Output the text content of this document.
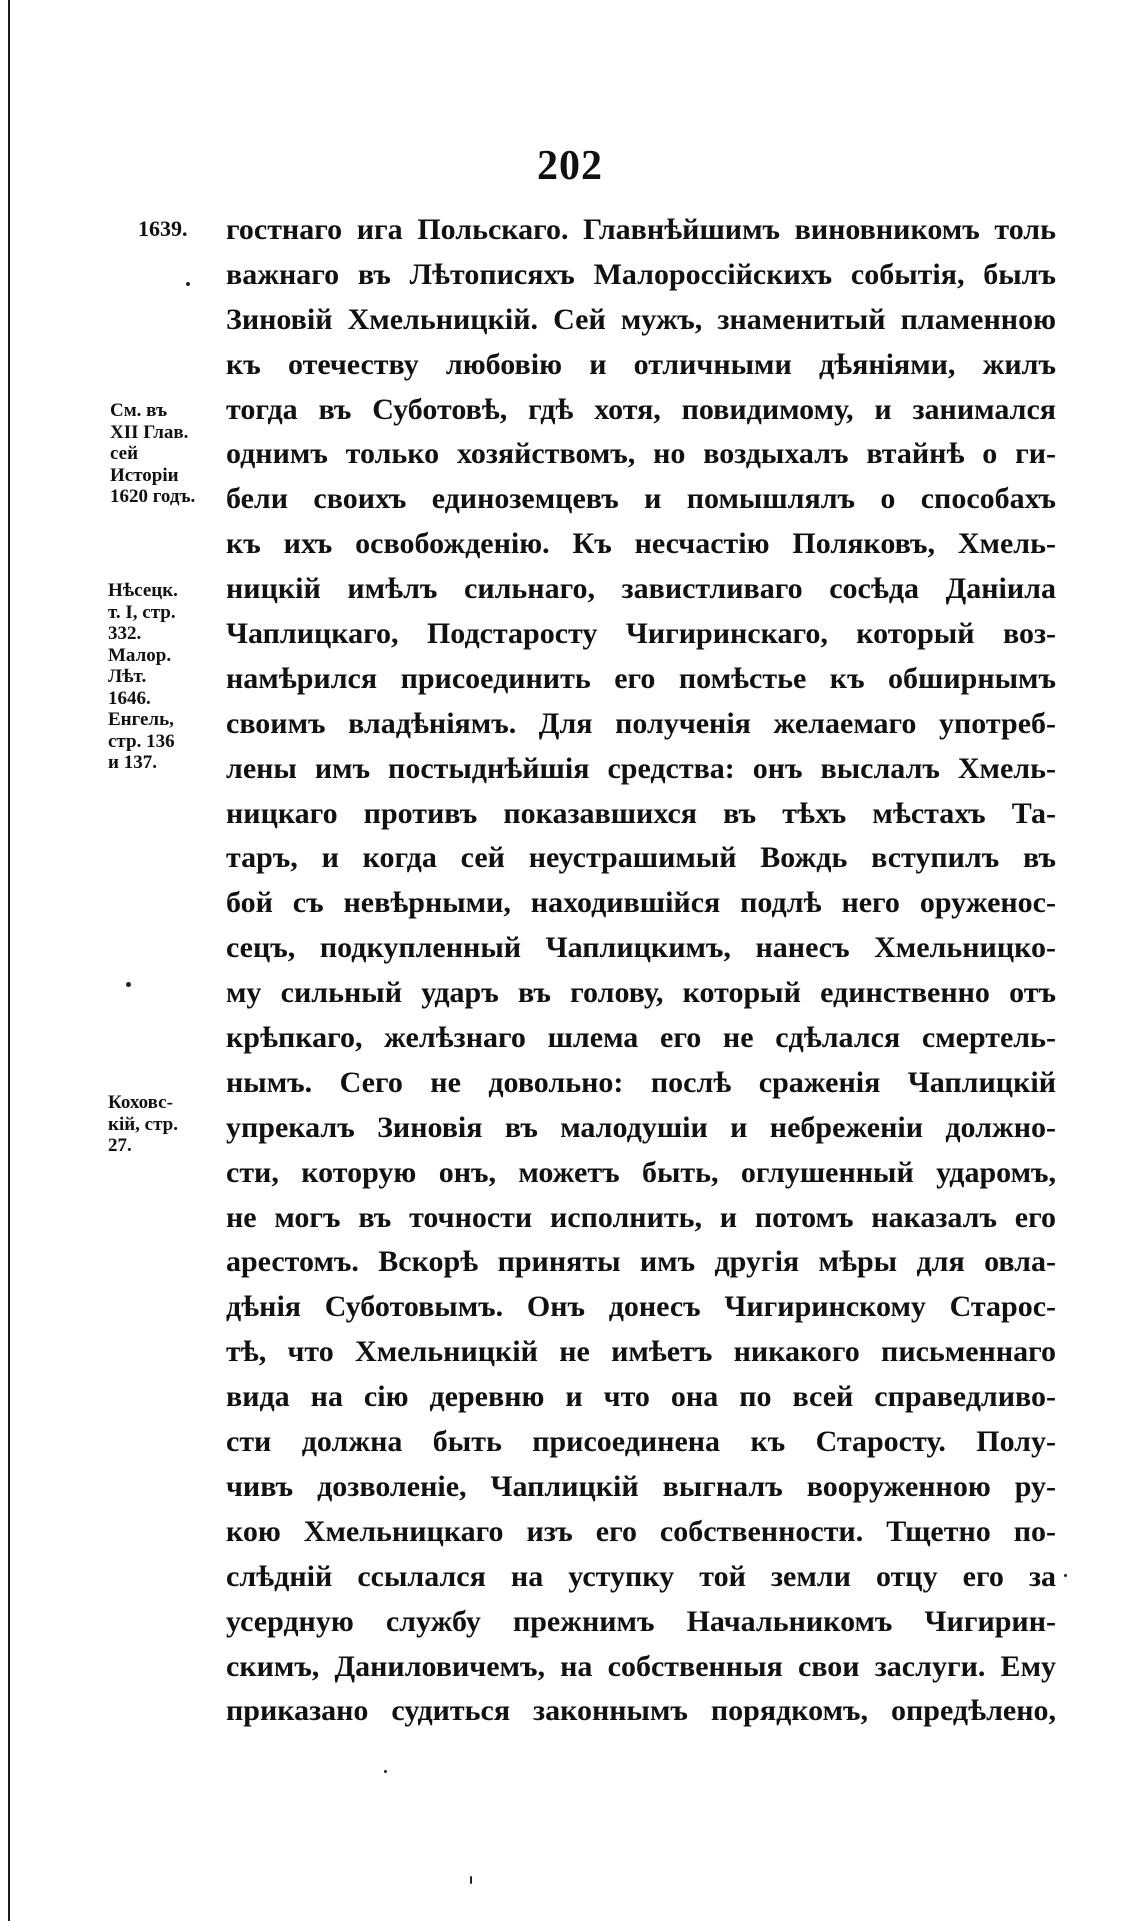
202
1639. гостнаго ига Польскаго. Главнѣйшимъ виновникомъ толь
важнаго въ Лѣтописяхъ Малороссійскихъ событія, былъ
Зиновій Хмельницкій. Сей мужъ, знаменитый пламенною
къ отечеству любовію и отличными дѣяніями, жилъ
тогда въ Суботовѣ, гдѣ хотя, повидимому, и занимался
однимъ только хозяйствомъ, но воздыхалъ втайнѣ о ги-
бели своихъ единоземцевъ и помышлялъ о способахъ
къ ихъ освобожденію. Къ несчастію Поляковъ, Хмель-
ницкій имѣлъ сильнаго, завистливаго сосѣда Даніила
Чаплицкаго, Подстаросту Чигиринскаго, который воз-
намѣрился присоединить его помѣстье къ обширнымъ
своимъ владѣніямъ. Для полученія желаемаго употреб-
лены имъ постыднѣйшія средства: онъ выслалъ Хмель-
ницкаго противъ показавшихся въ тѣхъ мѣстахъ Та-
таръ, и когда сей неустрашимый Вождь вступилъ въ
бой съ невѣрными, находившійся подлѣ него оруженос-
сецъ, подкупленный Чаплицкимъ, нанесъ Хмельницко-
му сильный ударъ въ голову, который единственно отъ
крѣпкаго, желѣзнаго шлема его не сдѣлался смертель-
нымъ. Сего не довольно: послѣ сраженія Чаплицкій
упрекалъ Зиновія въ малодушіи и небреженіи должно-
сти, которую онъ, можетъ быть, оглушенный ударомъ,
не могъ въ точности исполнить, и потомъ наказалъ его
арестомъ. Вскорѣ приняты имъ другія мѣры для овла-
дѣнія Суботовымъ. Онъ донесъ Чигиринскому Старос-
тѣ, что Хмельницкій не имѣетъ никакого письменнаго
вида на сію деревню и что она по всей справедливо-
сти должна быть присоединена къ Старосту. Полу-
чивъ дозволеніе, Чаплицкій выгналъ вооруженною ру-
кою Хмельницкаго изъ его собственности. Тщетно по-
слѣдній ссылался на уступку той земли отцу его за
усердную службу прежнимъ Начальникомъ Чигирин-
скимъ, Даниловичемъ, на собственныя свои заслуги. Ему
приказано судиться законнымъ порядкомъ, опредѣлено,
См. въ
XII Глав.
сей
Исторіи
1620 годъ.
Нѣсецк.
т. I, стр.
332.
Малор.
Лѣт.
1646.
Енгель,
стр. 136
и 137.
Коховс-
кій, стр.
27.
